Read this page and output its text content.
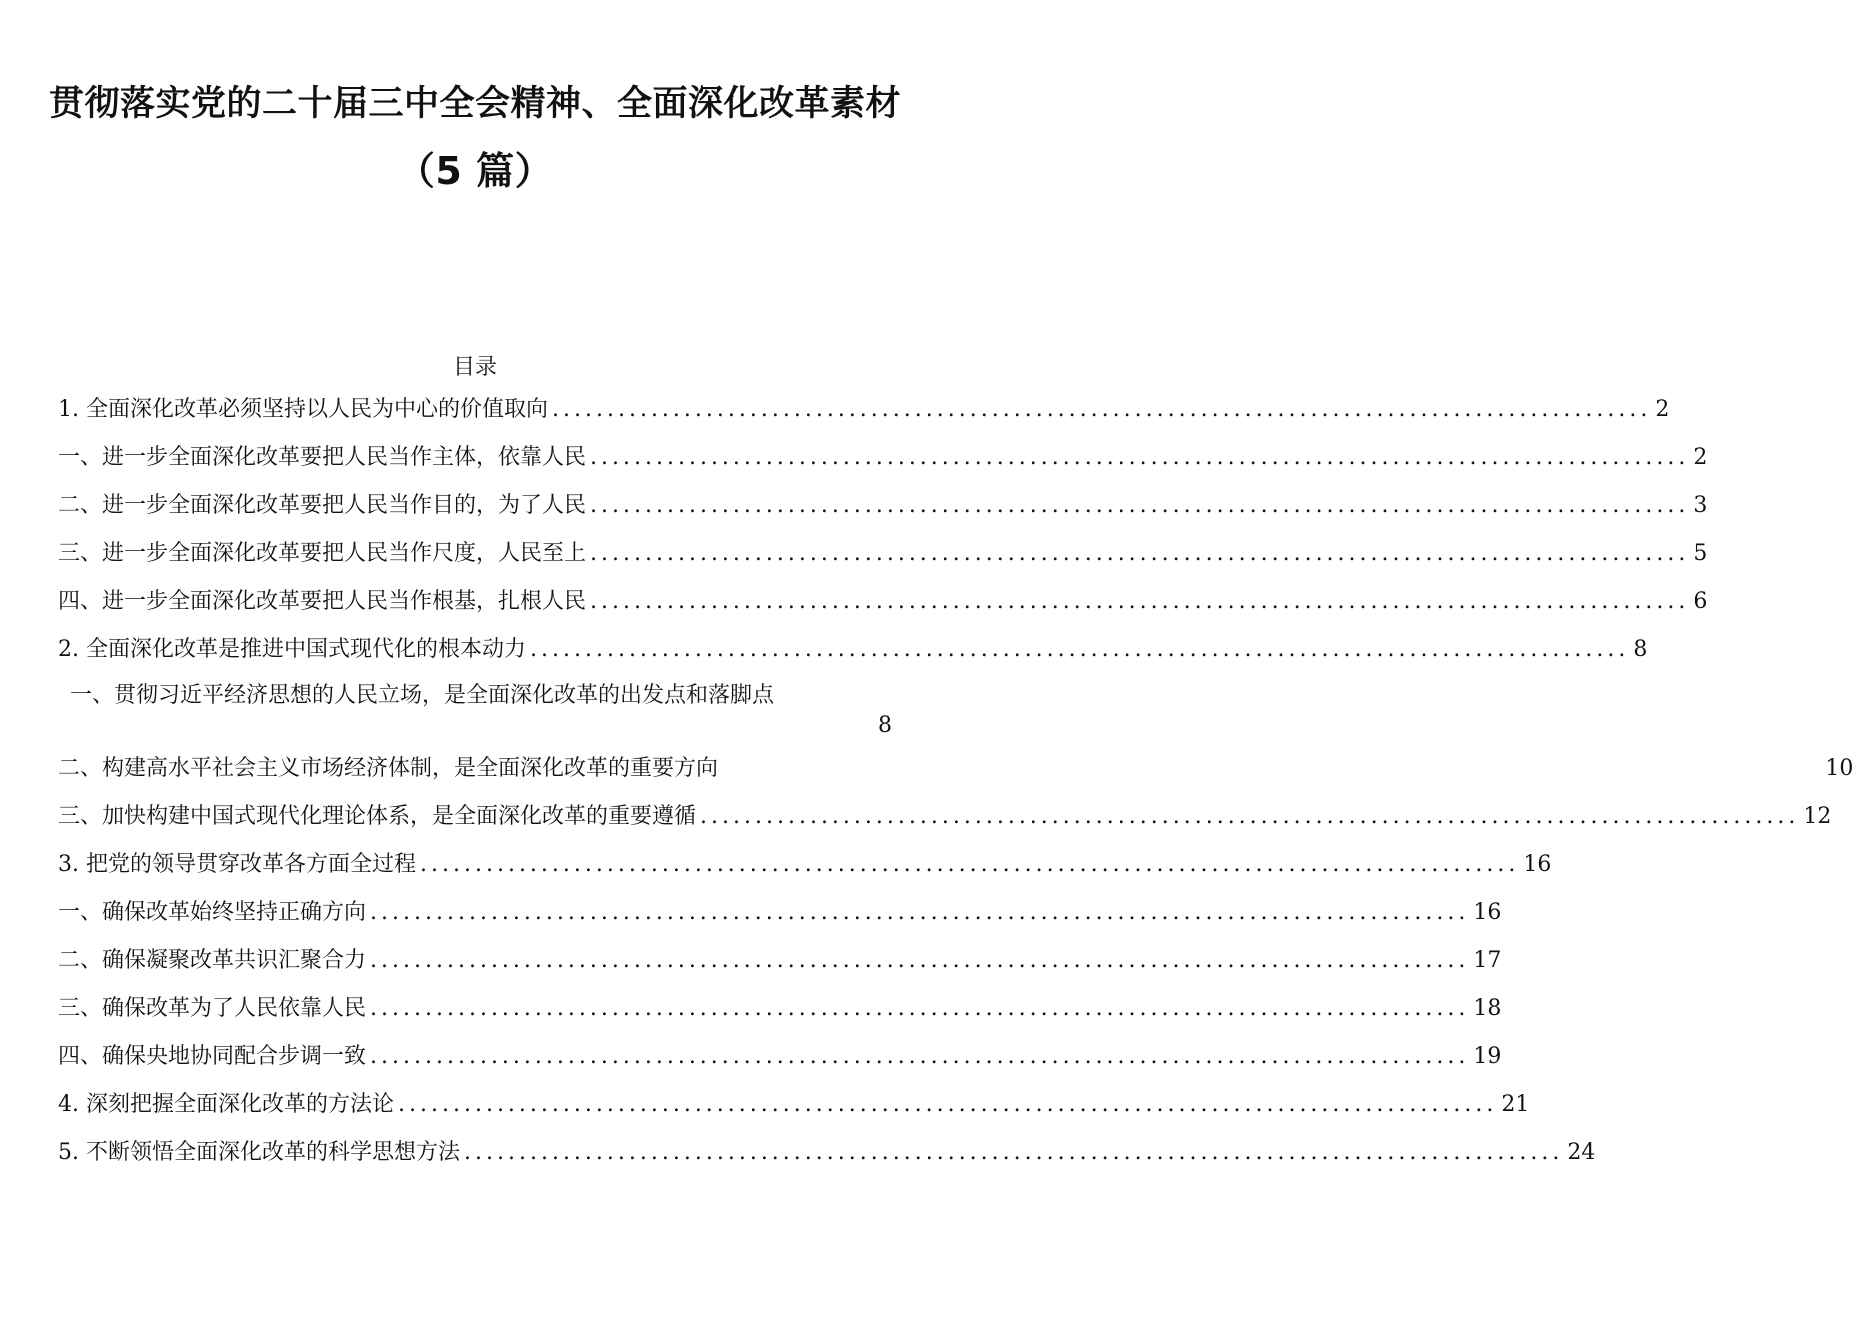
贯彻落实党的二十届三中全会精神、全面深化改革素材
（5 篇）
目录
1. 全面深化改革必须坚持以人民为中心的价值取向 .................................................................................................... 2
一、进一步全面深化改革要把人民当作主体，依靠人民 .................................................................................................... 2
二、进一步全面深化改革要把人民当作目的，为了人民 .................................................................................................... 3
三、进一步全面深化改革要把人民当作尺度，人民至上 .................................................................................................... 5
四、进一步全面深化改革要把人民当作根基，扎根人民 .................................................................................................... 6
2. 全面深化改革是推进中国式现代化的根本动力 .................................................................................................... 8
一、贯彻习近平经济思想的人民立场，是全面深化改革的出发点和落脚点
8
二、构建高水平社会主义市场经济体制，是全面深化改革的重要方向	10
三、加快构建中国式现代化理论体系，是全面深化改革的重要遵循 .................................................................................................... 12
3. 把党的领导贯穿改革各方面全过程 .................................................................................................... 16
一、确保改革始终坚持正确方向 .................................................................................................... 16
二、确保凝聚改革共识汇聚合力 .................................................................................................... 17
三、确保改革为了人民依靠人民 .................................................................................................... 18
四、确保央地协同配合步调一致 .................................................................................................... 19
4. 深刻把握全面深化改革的方法论 .................................................................................................... 21
5. 不断领悟全面深化改革的科学思想方法 .................................................................................................... 24
